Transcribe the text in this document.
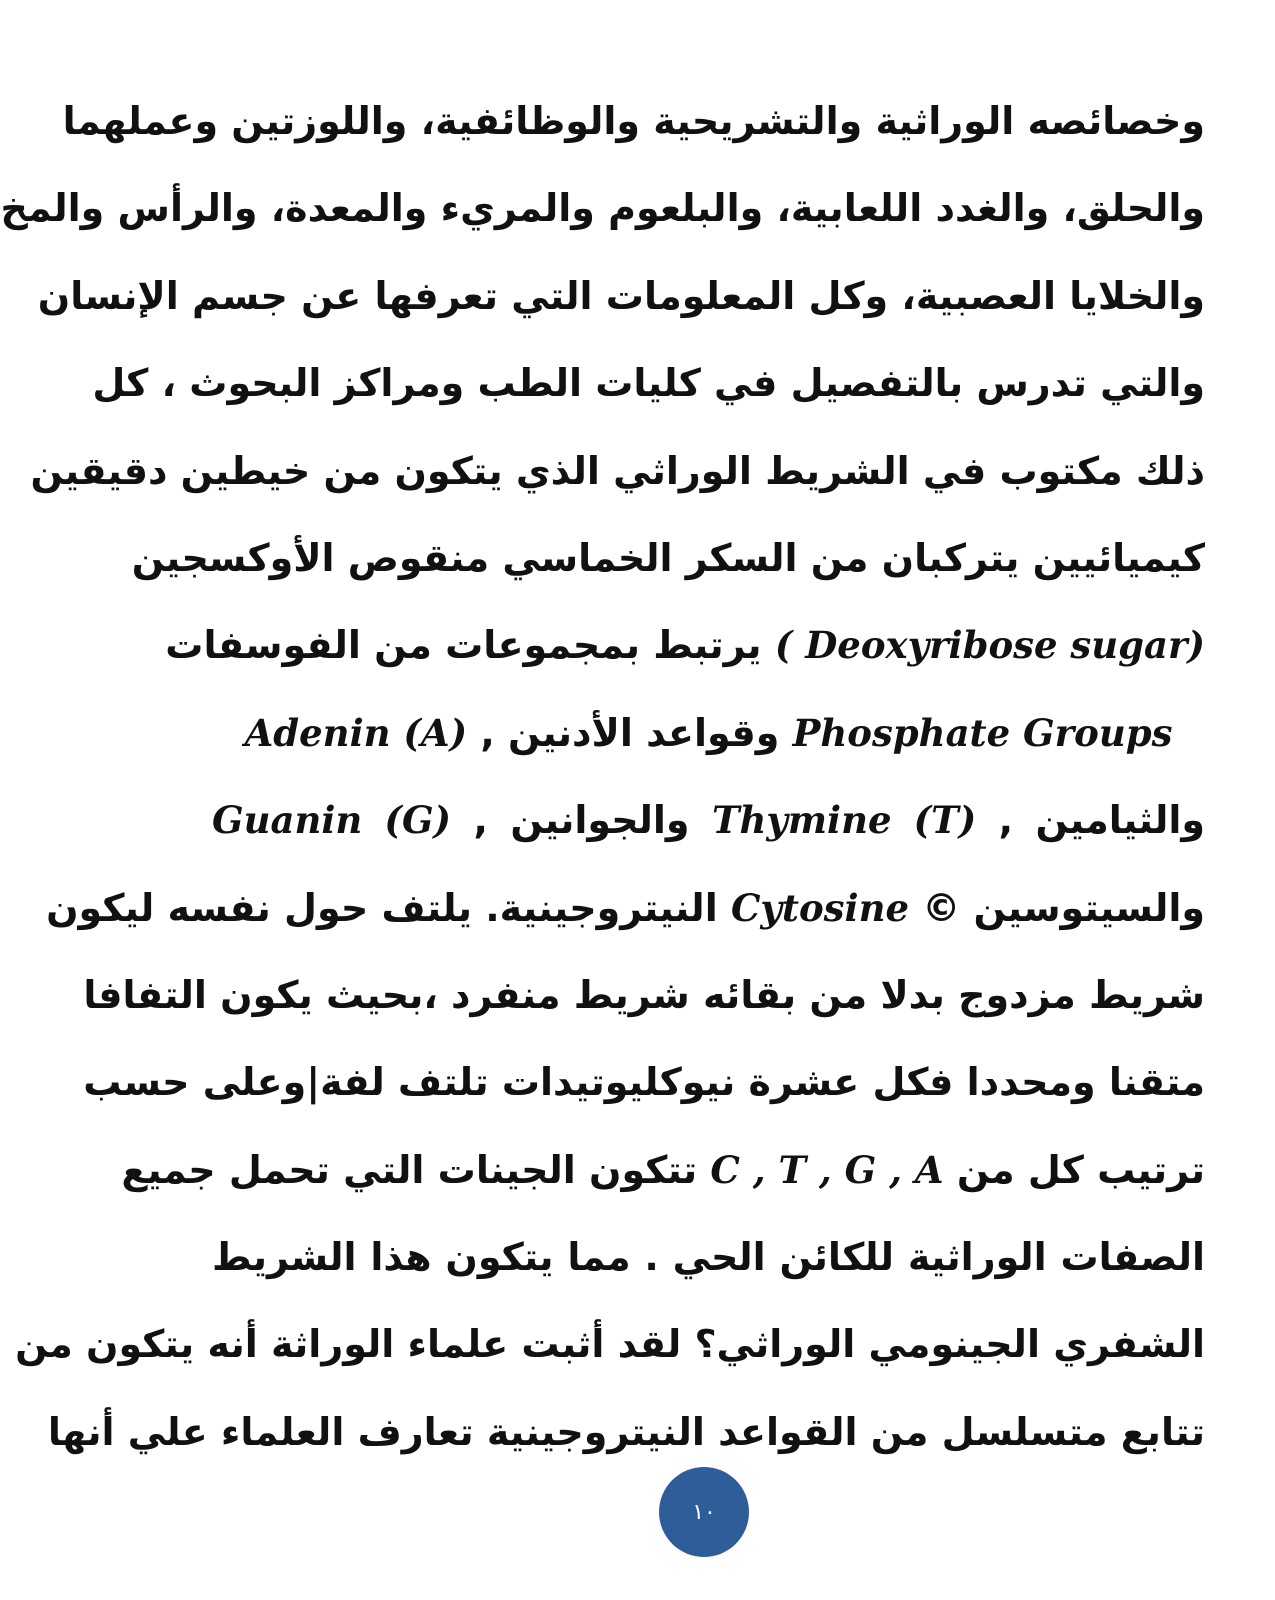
وخصائصه الوراثية والتشريحية والوظائفية، واللوزتين وعملهما
والحلق، والغدد اللعابية، والبلعوم والمريء والمعدة، والرأس والمخ
والخلايا العصبية، وكل المعلومات التي تعرفها عن جسم الإنسان
والتي تدرس بالتفصيل في كليات الطب ومراكز البحوث ، كل
ذلك مكتوب في الشريط الوراثي الذي يتكون من خيطين دقيقين
كيميائيين يتركبان من السكر الخماسي منقوص الأوكسجين
( Deoxyribose sugar) يرتبط بمجموعات من الفوسفات
Phosphate Groups وقواعد الأدنين , Adenin (A)
والثيامين , Thymine (T) والجوانين , Guanin (G)
والسيتوسين © Cytosine النيتروجينية. يلتف حول نفسه ليكون
شريط مزدوج بدلا من بقائه شريط منفرد ،بحيث يكون التفافا
متقنا ومحددا فكل عشرة نيوكليوتيدات تلتف لفة|وعلى حسب
ترتيب كل من C , T , G , A تتكون الجينات التي تحمل جميع
الصفات الوراثية للكائن الحي . مما يتكون هذا الشريط
الشفري الجينومي الوراثي؟ لقد أثبت علماء الوراثة أنه يتكون من
تتابع متسلسل من القواعد النيتروجينية تعارف العلماء علي أنها
١٠
